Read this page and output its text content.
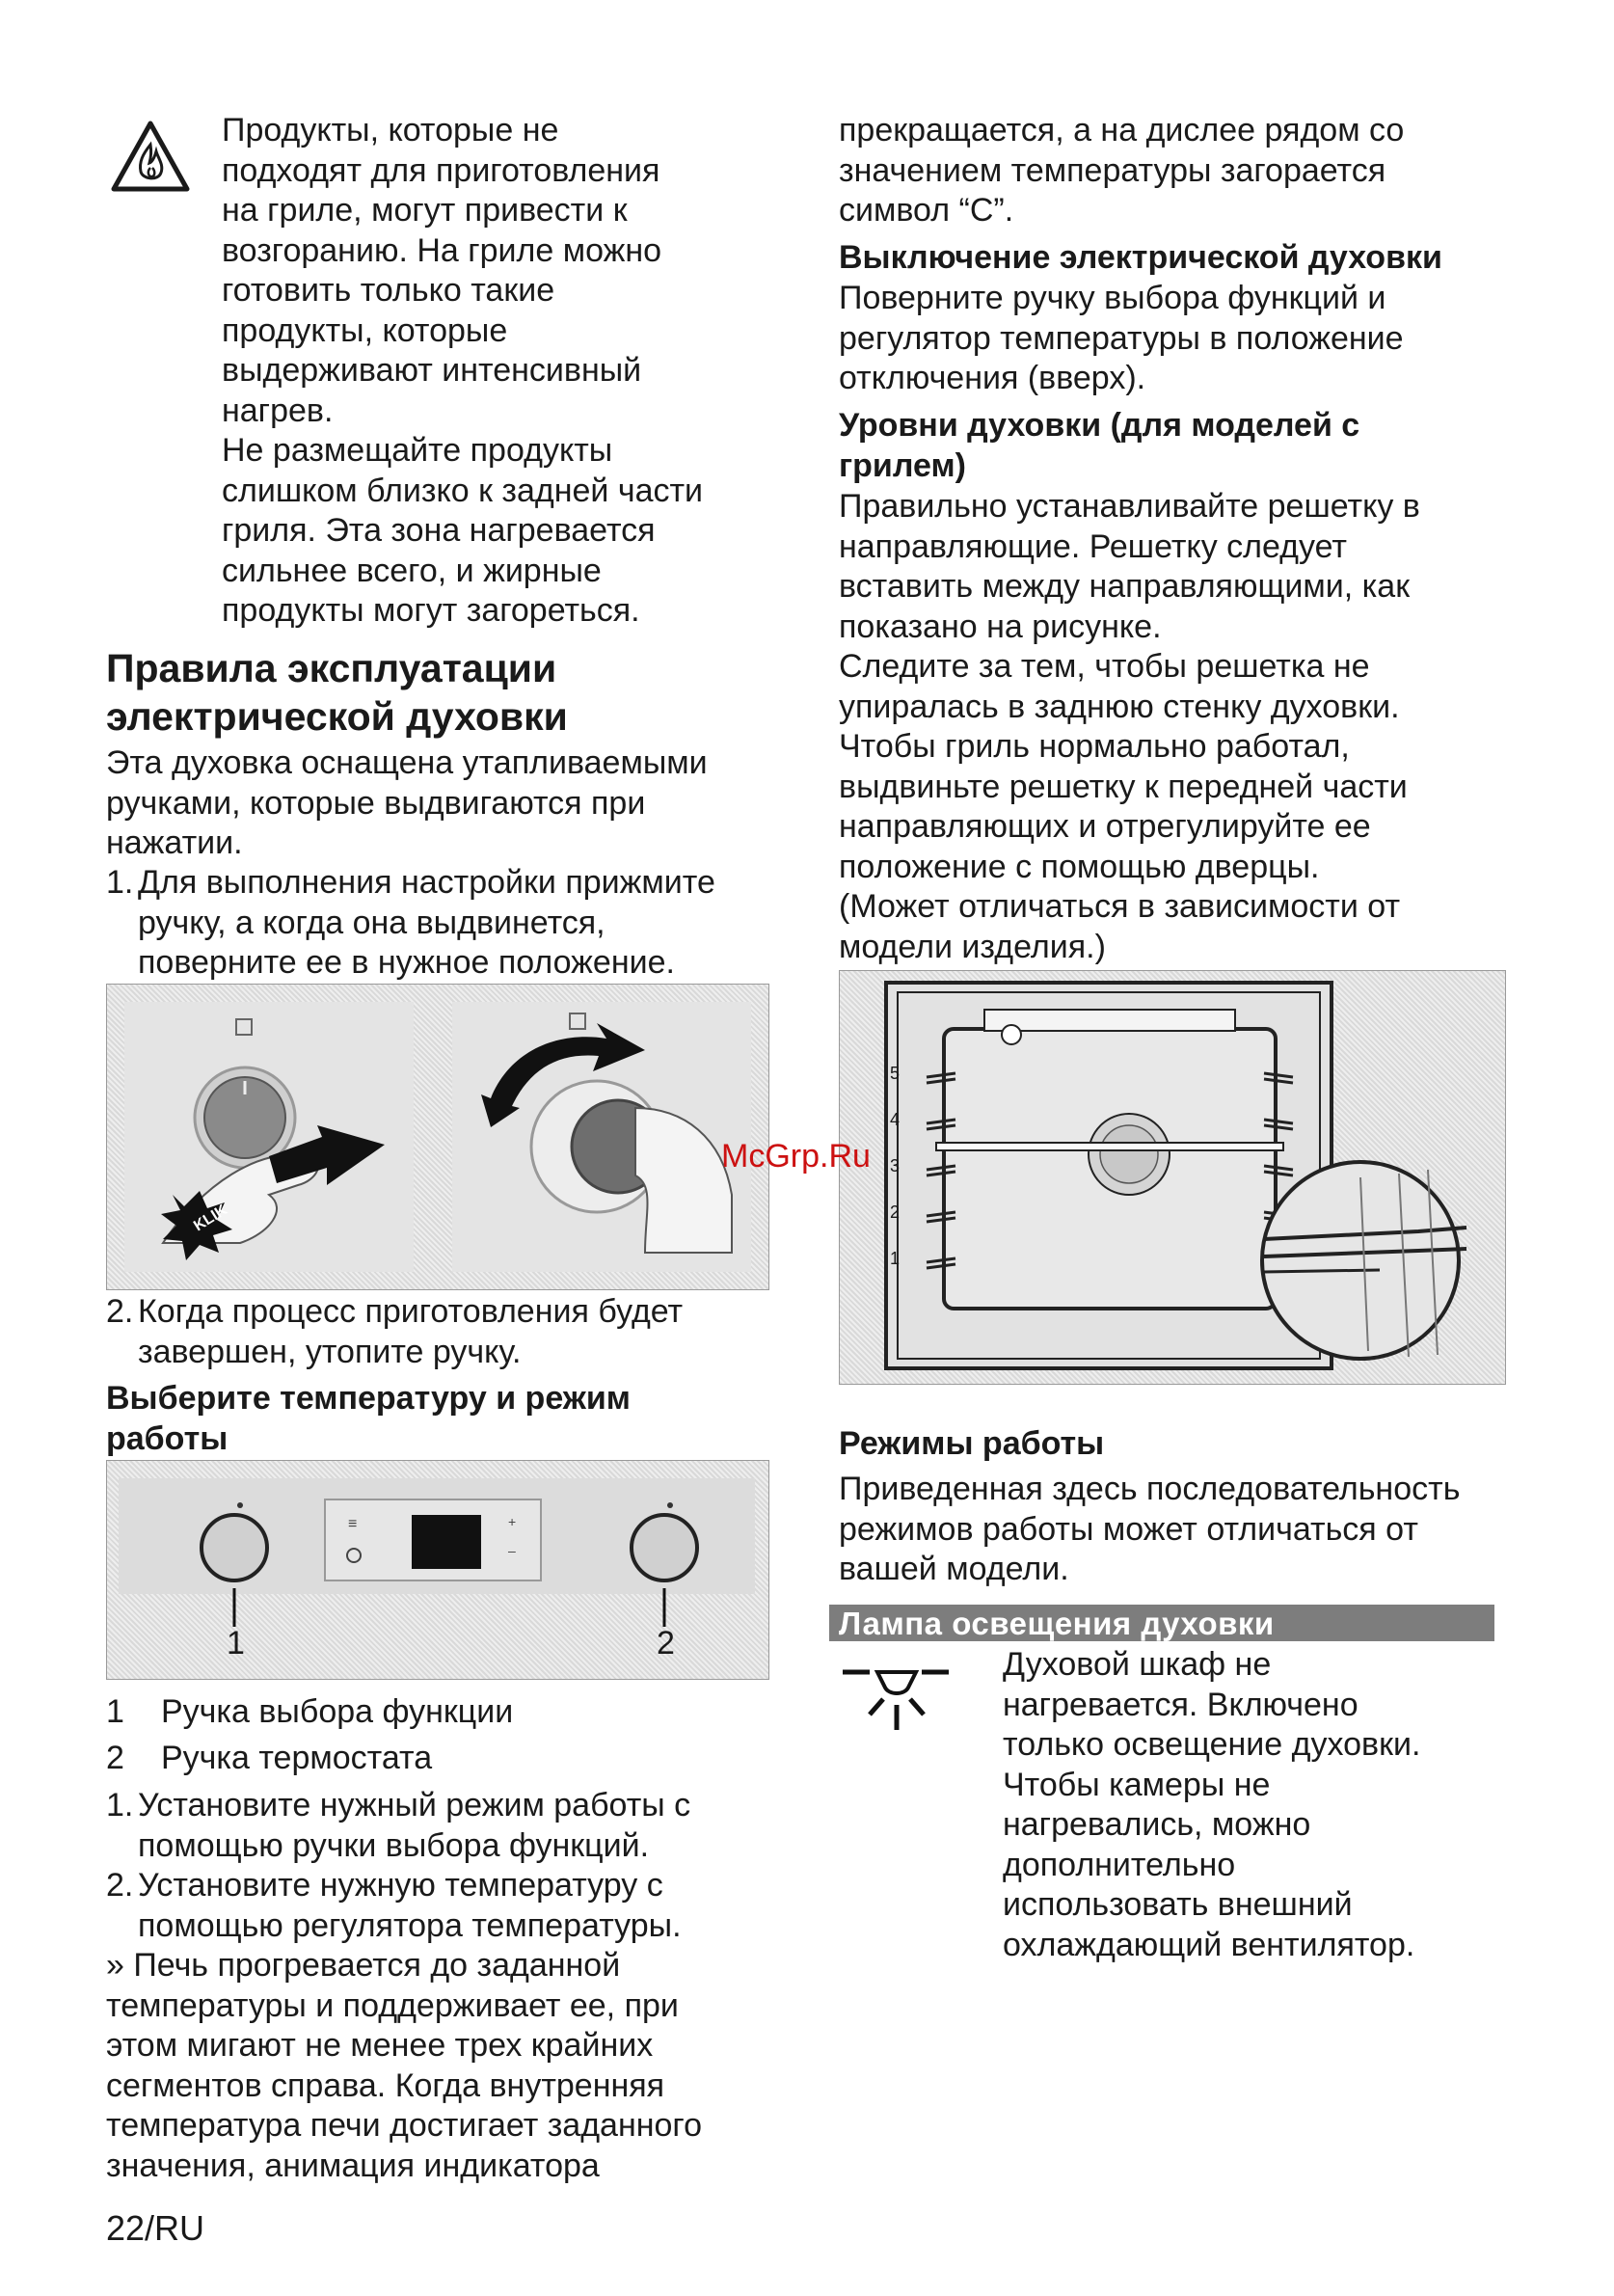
Продукты, которые не

подходят для приготовления

на гриле, могут привести к

возгоранию. На гриле можно

готовить только такие

продукты, которые

выдерживают интенсивный

нагрев.

Не размещайте продукты

слишком близко к задней части

гриля. Эта зона нагревается

сильнее всего, и жирные

продукты могут загореться.

Правила эксплуатации

электрической духовки

Эта духовка оснащена утапливаемыми

ручками, которые выдвигаются при

нажатии.

1. Для выполнения настройки прижмите

ручку, а когда она выдвинется,

поверните ее в нужное положение.

KLIK
2. Когда процесс приготовления будет

завершен, утопите ручку.

Выберите температуру и режим

работы

≡	+
–
1	2
1	Ручка выбора функции
2	Ручка термостата
1. Установите нужный режим работы с

помощью ручки выбора функций.

2. Установите нужную температуру с

помощью регулятора температуры.

» Печь прогревается до заданной

температуры и поддерживает ее, при

этом мигают не менее трех крайних

сегментов справа. Когда внутренняя

температура печи достигает заданного

значения, анимация индикатора

22/RU

прекращается, а на дислее рядом со

значением температуры загорается

символ “C”.

Выключение электрической духовки

Поверните ручку выбора функций и

регулятор температуры в положение

отключения (вверх).

Уровни духовки (для моделей с

грилем)

Правильно устанавливайте решетку в

направляющие. Решетку следует

вставить между направляющими, как

показано на рисунке.

Следите за тем, чтобы решетка не

упиралась в заднюю стенку духовки.

Чтобы гриль нормально работал,

выдвиньте решетку к передней части

направляющих и отрегулируйте ее

положение с помощью дверцы.

(Может отличаться в зависимости от

модели изделия.)

5
4
3
2
1
McGrp.Ru

Режимы работы

Приведенная здесь последовательность

режимов работы может отличаться от

вашей модели.

Лампа освещения духовки

Духовой шкаф не

нагревается. Включено

только освещение духовки.

Чтобы камеры не

нагревались, можно

дополнительно

использовать внешний

охлаждающий вентилятор.
